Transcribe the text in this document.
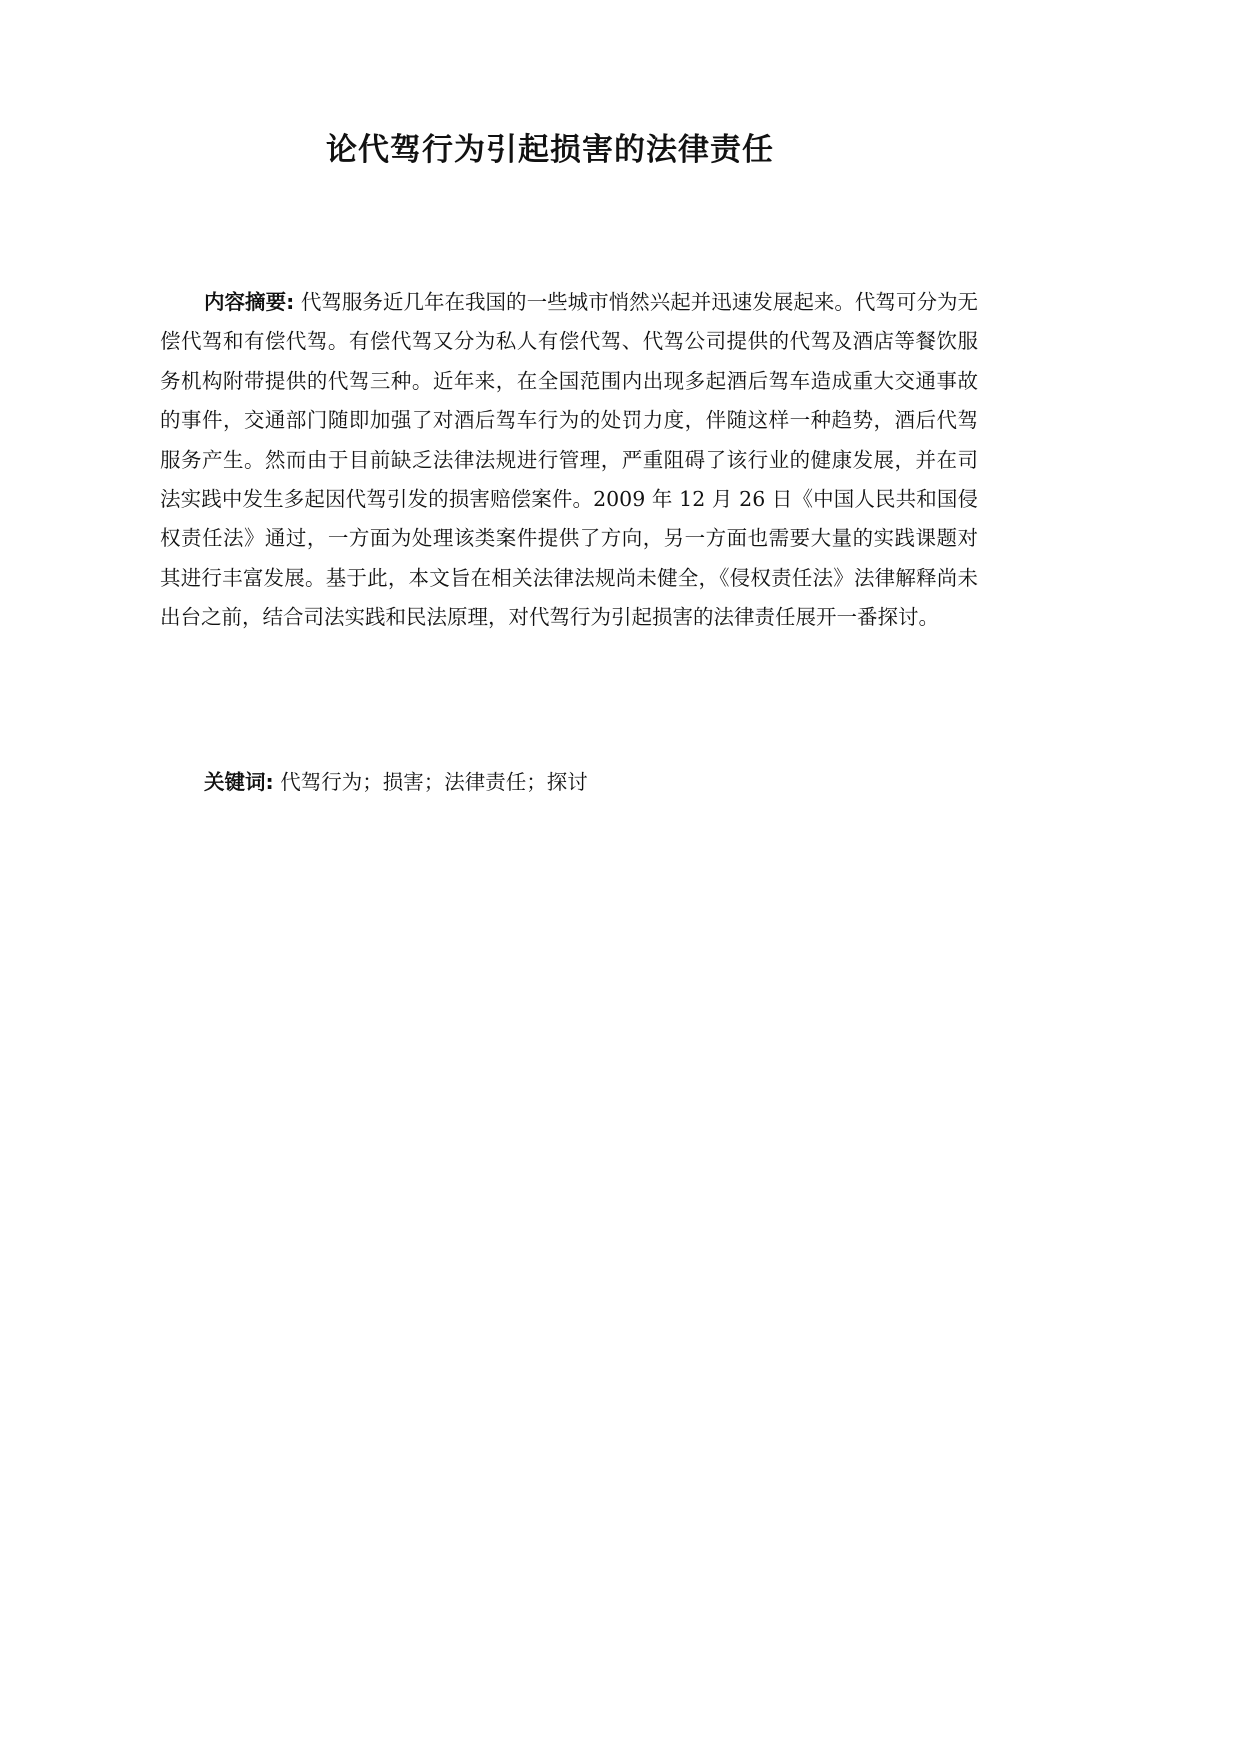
论代驾行为引起损害的法律责任

内容摘要: 代驾服务近几年在我国的一些城市悄然兴起并迅速发展起来。代驾可分为无偿代驾和有偿代驾。有偿代驾又分为私人有偿代驾、代驾公司提供的代驾及酒店等餐饮服务机构附带提供的代驾三种。近年来，在全国范围内出现多起酒后驾车造成重大交通事故的事件，交通部门随即加强了对酒后驾车行为的处罚力度，伴随这样一种趋势，酒后代驾服务产生。然而由于目前缺乏法律法规进行管理，严重阻碍了该行业的健康发展，并在司法实践中发生多起因代驾引发的损害赔偿案件。2009 年 12 月 26 日《中国人民共和国侵权责任法》通过，一方面为处理该类案件提供了方向，另一方面也需要大量的实践课题对其进行丰富发展。基于此，本文旨在相关法律法规尚未健全，《侵权责任法》法律解释尚未出台之前，结合司法实践和民法原理，对代驾行为引起损害的法律责任展开一番探讨。

关键词: 代驾行为；损害；法律责任；探讨
